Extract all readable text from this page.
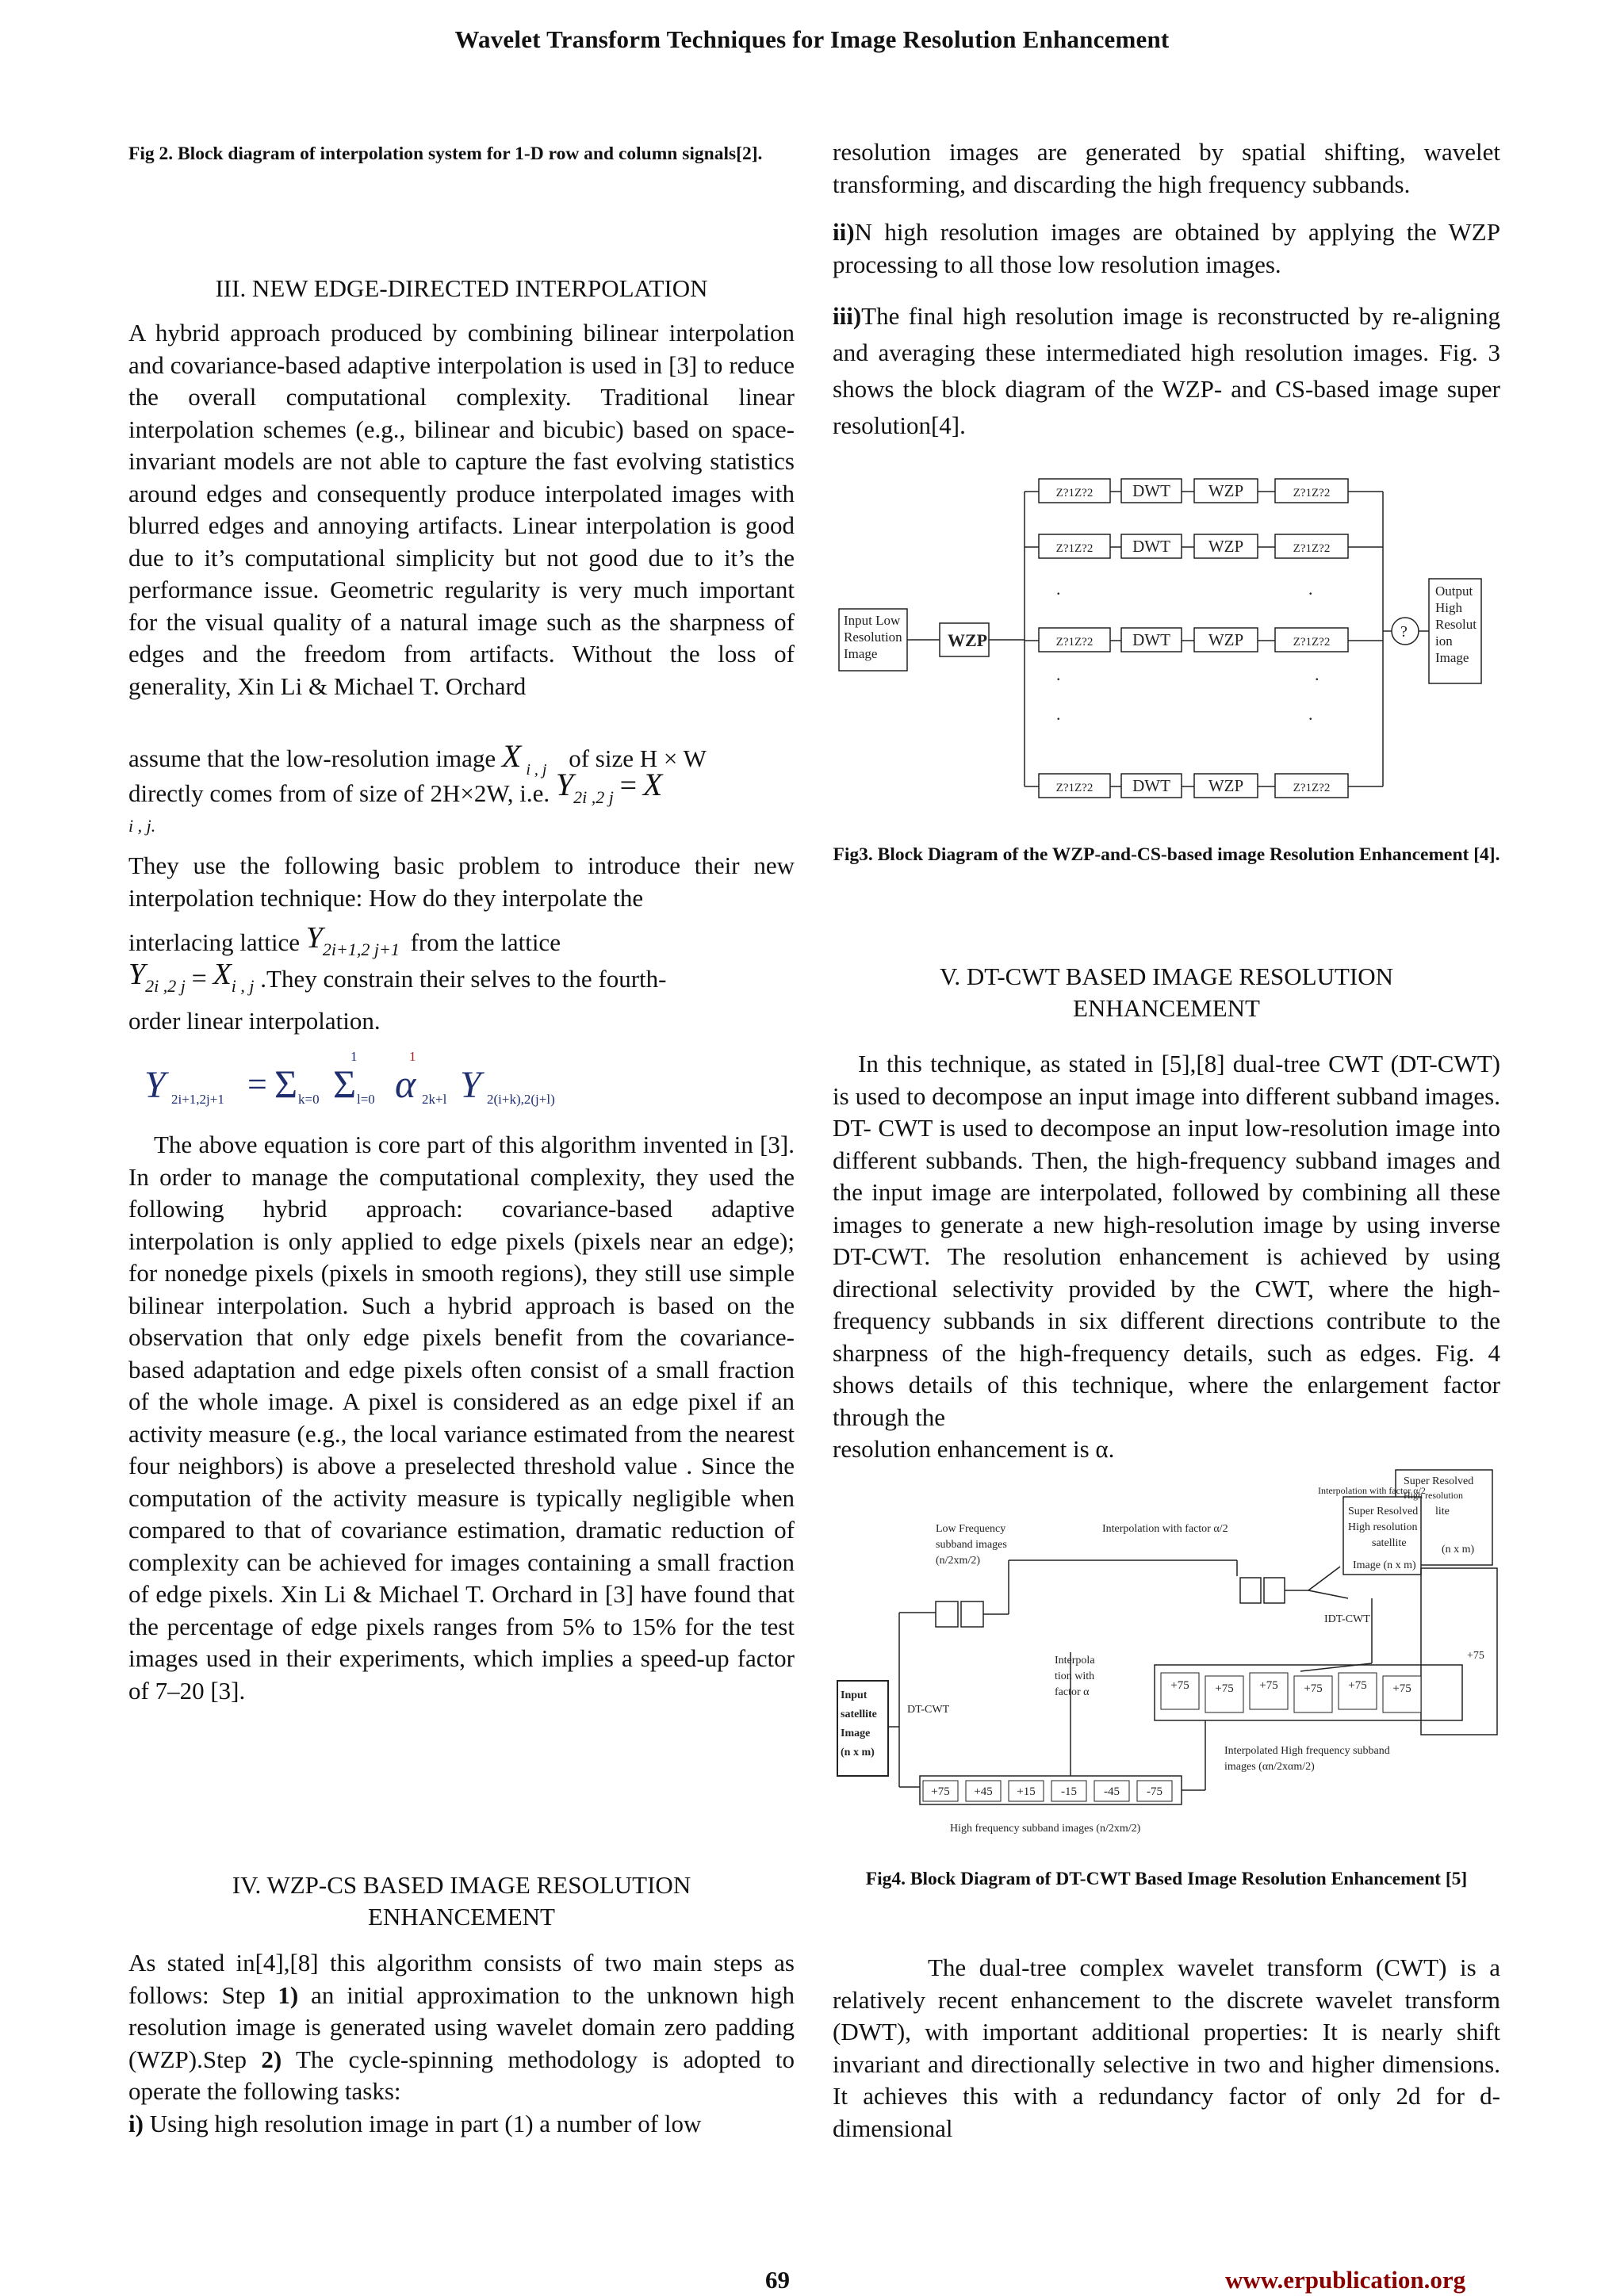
Wavelet Transform Techniques for Image Resolution Enhancement

Fig 2. Block diagram of interpolation system for 1-D row and column signals[2].

III. NEW EDGE-DIRECTED INTERPOLATION

A hybrid approach produced by combining bilinear interpolation and covariance-based adaptive interpolation is used in [3] to reduce the overall computational complexity. Traditional linear interpolation schemes (e.g., bilinear and bicubic) based on space-invariant models are not able to capture the fast evolving statistics around edges and consequently produce interpolated images with blurred edges and annoying artifacts. Linear interpolation is good due to it’s computational simplicity but not good due to it’s the performance issue. Geometric regularity is very much important for the visual quality of a natural image such as the sharpness of edges and the freedom from artifacts. Without the loss of generality, Xin Li & Michael T. Orchard

assume that the low-resolution image X $_{i , j}$ of size H × W
directly comes from of size of 2H×2W, i.e. Y2i ,2 j = X
i , j.

They use the following basic problem to introduce their new interpolation technique: How do they interpolate the

interlacing lattice Y2i+1,2 j+1 from the lattice
Y2i ,2 j = Xi , j .They constrain their selves to the fourth-

order linear interpolation.

Y 2i+1,2j+1 = Σ k=0
1
Σ l=0
1
α 2k+l Y 2(i+k),2(j+l)

The above equation is core part of this algorithm invented in [3]. In order to manage the computational complexity, they used the following hybrid approach: covariance-based adaptive interpolation is only applied to edge pixels (pixels near an edge); for nonedge pixels (pixels in smooth regions), they still use simple bilinear interpolation. Such a hybrid approach is based on the observation that only edge pixels benefit from the covariance-based adaptation and edge pixels often consist of a small fraction of the whole image. A pixel is considered as an edge pixel if an activity measure (e.g., the local variance estimated from the nearest four neighbors) is above a preselected threshold value . Since the computation of the activity measure is typically negligible when compared to that of covariance estimation, dramatic reduction of complexity can be achieved for images containing a small fraction of edge pixels. Xin Li & Michael T. Orchard in [3] have found that the percentage of edge pixels ranges from 5% to 15% for the test images used in their experiments, which implies a speed-up factor of 7–20 [3].

IV. WZP-CS BASED IMAGE RESOLUTION
ENHANCEMENT

As stated in[4],[8] this algorithm consists of two main steps as follows: Step 1) an initial approximation to the unknown high resolution image is generated using wavelet domain zero padding (WZP).Step 2) The cycle-spinning methodology is adopted to operate the following tasks:

i) Using high resolution image in part (1) a number of low

resolution images are generated by spatial shifting, wavelet transforming, and discarding the high frequency subbands.

ii)N high resolution images are obtained by applying the WZP processing to all those low resolution images.

iii)The final high resolution image is reconstructed by re-aligning and averaging these intermediated high resolution images. Fig. 3 shows the block diagram of the WZP- and CS-based image super resolution[4].

Z?1Z?2 DWT WZP	Z?1Z?2
Z?1Z?2 DWT WZP	Z?1Z?2
Z?1Z?2 DWT WZP	Z?1Z?2
Z?1Z?2 DWT WZP	Z?1Z?2
Input Low
Resolution
Image
WZP	?
Output
High
Resolut
ion
Image
.	.
.	.
.	.

Fig3. Block Diagram of the WZP-and-CS-based image Resolution Enhancement [4].

V. DT-CWT BASED IMAGE RESOLUTION
ENHANCEMENT

In this technique, as stated in [5],[8] dual-tree CWT (DT-CWT) is used to decompose an input image into different subband images. DT- CWT is used to decompose an input low-resolution image into different subbands. Then, the high-frequency subband images and the input image are interpolated, followed by combining all these images to generate a new high-resolution image by using inverse DT-CWT. The resolution enhancement is achieved by using directional selectivity provided by the CWT, where the high-frequency subbands in six different directions contribute to the sharpness of the high-frequency details, such as edges. Fig. 4 shows details of this technique, where the enlargement factor through the

resolution enhancement is α.

+75 +45 +15 -15 -45 -75
+75 +75 +75 +75 +75 +75
Input
satellite
Image
(n x m)
DT-CWT
Low Frequency
subband images
(n/2xm/2)
Interpolation with factor α/2
Interpolation with factor α/2
Interpola
tion with
factor α
High frequency subband images (n/2xm/2)
Interpolated High frequency subband
images (αn/2xαm/2)
IDT-CWT
Super Resolved
High resolution
satellite
Image (n x m)
Super Resolved
High resolution
lite
(n x m)
+75

Fig4. Block Diagram of DT-CWT Based Image Resolution Enhancement [5]

The dual-tree complex wavelet transform (CWT) is a relatively recent enhancement to the discrete wavelet transform (DWT), with important additional properties: It is nearly shift invariant and directionally selective in two and higher dimensions. It achieves this with a redundancy factor of only 2d for d-dimensional

69	www.erpublication.org
